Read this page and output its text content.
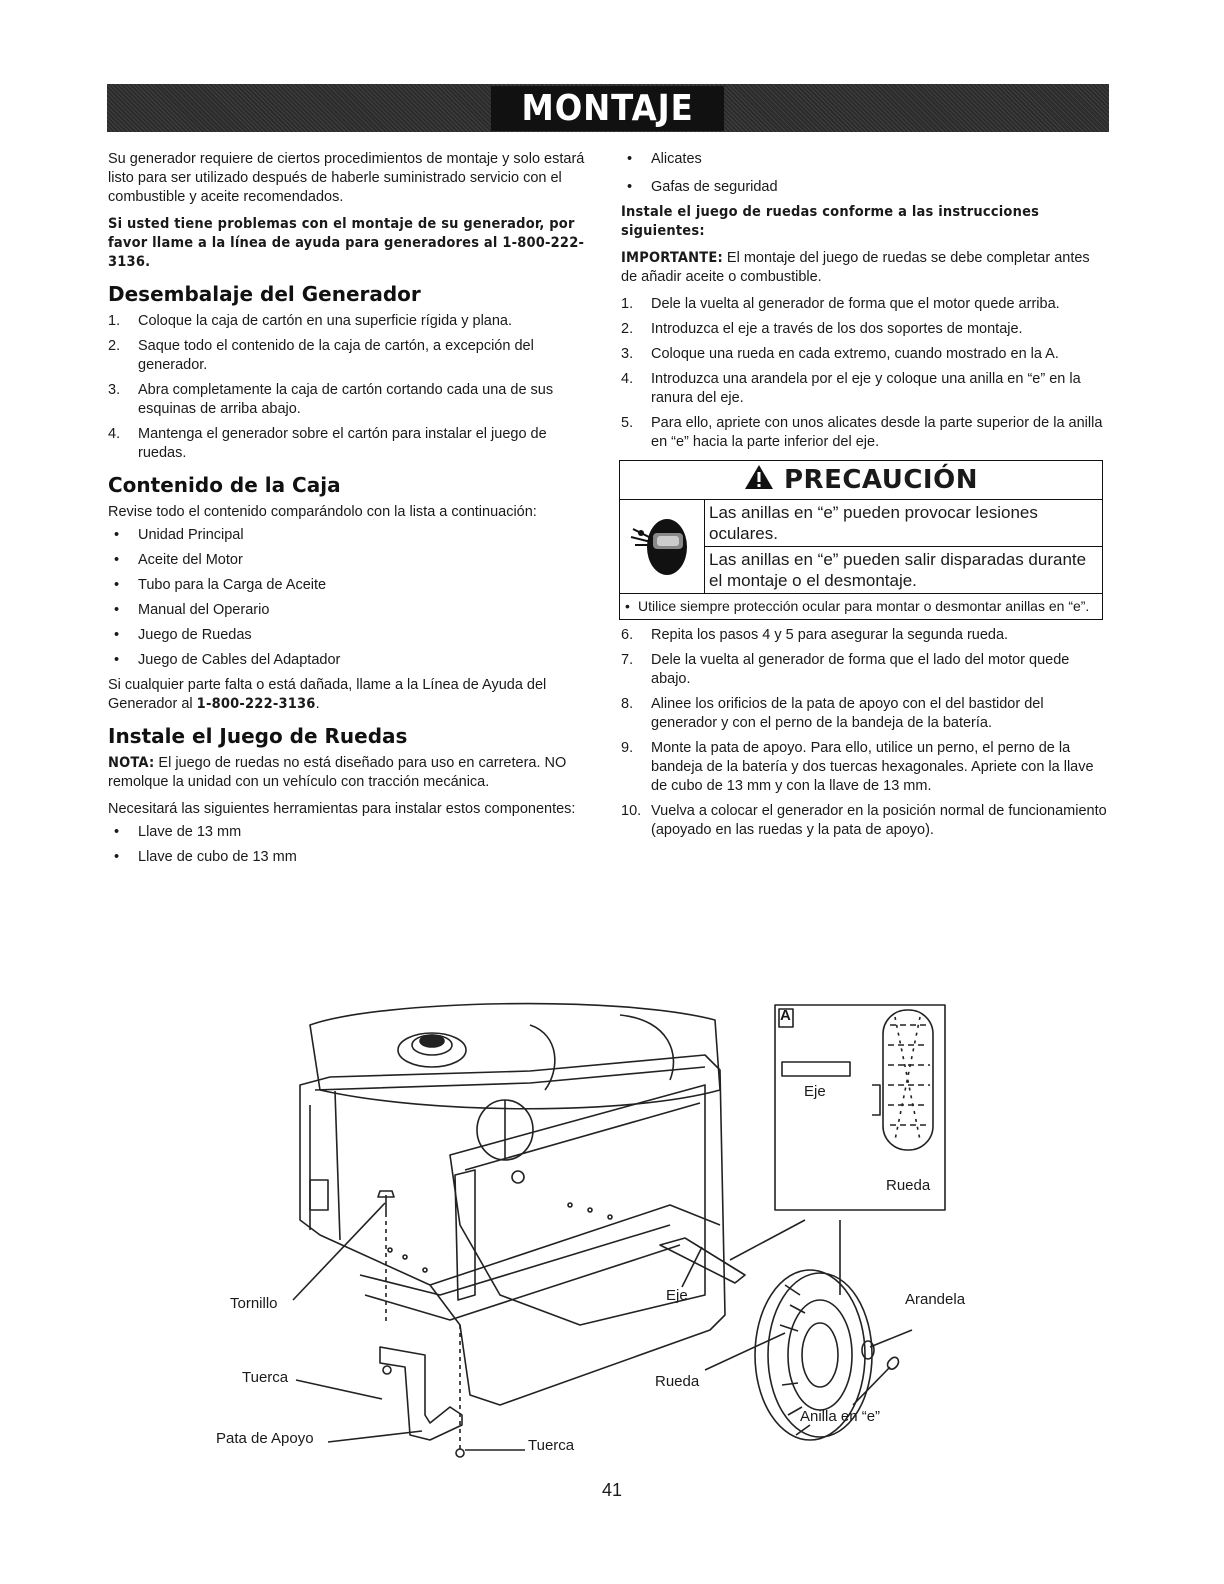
MONTAJE

Su generador requiere de ciertos procedimientos de montaje y solo estará listo para ser utilizado después de haberle suministrado servicio con el combustible y aceite recomendados.

Si usted tiene problemas con el montaje de su generador, por favor llame a la línea de ayuda para generadores al 1-800-222-3136.

Desembalaje del Generador
1. Coloque la caja de cartón en una superficie rígida y plana.
2. Saque todo el contenido de la caja de cartón, a excepción del generador.
3. Abra completamente la caja de cartón cortando cada una de sus esquinas de arriba abajo.
4. Mantenga el generador sobre el cartón para instalar el juego de ruedas.
Contenido de la Caja

Revise todo el contenido comparándolo con la lista a continuación:

• Unidad Principal
• Aceite del Motor
• Tubo para la Carga de Aceite
• Manual del Operario
• Juego de Ruedas
• Juego de Cables del Adaptador

Si cualquier parte falta o está dañada, llame a la Línea de Ayuda del Generador al 1-800-222-3136.

Instale el Juego de Ruedas

NOTA: El juego de ruedas no está diseñado para uso en carretera. NO remolque la unidad con un vehículo con tracción mecánica.

Necesitará las siguientes herramientas para instalar estos componentes:

• Llave de 13 mm
• Llave de cubo de 13 mm
• Alicates
• Gafas de seguridad

Instale el juego de ruedas conforme a las instrucciones siguientes:

IMPORTANTE: El montaje del juego de ruedas se debe completar antes de añadir aceite o combustible.

1. Dele la vuelta al generador de forma que el motor quede arriba.
2. Introduzca el eje a través de los dos soportes de montaje.
3. Coloque una rueda en cada extremo, cuando mostrado en la A.
4. Introduzca una arandela por el eje y coloque una anilla en “e” en la ranura del eje.
5. Para ello, apriete con unos alicates desde la parte superior de la anilla en “e” hacia la parte inferior del eje.
PRECAUCIÓN
Las anillas en “e” pueden provocar lesiones oculares.
Las anillas en “e” pueden salir disparadas durante el montaje o el desmontaje.
• Utilice siempre protección ocular para montar o desmontar anillas en “e”.
6. Repita los pasos 4 y 5 para asegurar la segunda rueda.
7. Dele la vuelta al generador de forma que el lado del motor quede abajo.
8. Alinee los orificios de la pata de apoyo con el del bastidor del generador y con el perno de la bandeja de la batería.
9. Monte la pata de apoyo. Para ello, utilice un perno, el perno de la bandeja de la batería y dos tuercas hexagonales. Apriete con la llave de cubo de 13 mm y con la llave de 13 mm.
10. Vuelva a colocar el generador en la posición normal de funcionamiento (apoyado en las ruedas y la pata de apoyo).
A
Eje
Rueda
Tornillo
Tuerca
Pata de Apoyo	Tuerca
Eje
Rueda
Arandela
Anilla en “e”
41
